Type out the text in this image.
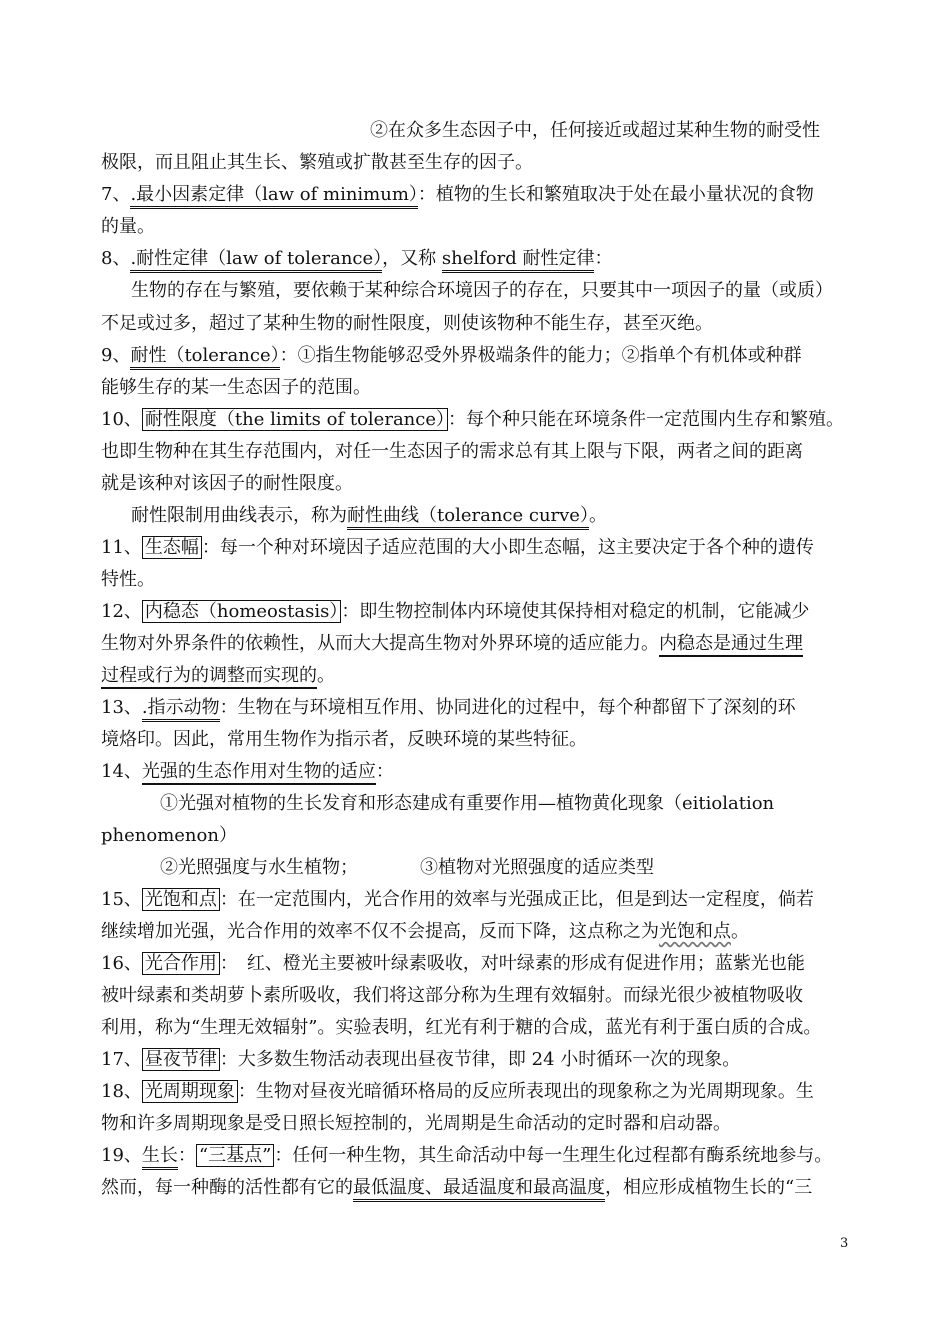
②在众多生态因子中，任何接近或超过某种生物的耐受性
极限，而且阻止其生长、繁殖或扩散甚至生存的因子。
7、.最小因素定律（law of minimum）：植物的生长和繁殖取决于处在最小量状况的食物
的量。
8、.耐性定律（law of tolerance），又称 shelford 耐性定律：
生物的存在与繁殖，要依赖于某种综合环境因子的存在，只要其中一项因子的量（或质）
不足或过多，超过了某种生物的耐性限度，则使该物种不能生存，甚至灭绝。
9、耐性（tolerance）：①指生物能够忍受外界极端条件的能力；②指单个有机体或种群
能够生存的某一生态因子的范围。
10、 耐性限度（the limits of tolerance） ：每个种只能在环境条件一定范围内生存和繁殖。
也即生物种在其生存范围内，对任一生态因子的需求总有其上限与下限，两者之间的距离
就是该种对该因子的耐性限度。
耐性限制用曲线表示，称为耐性曲线（tolerance curve）。
11、 生态幅 ：每一个种对环境因子适应范围的大小即生态幅，这主要决定于各个种的遗传
特性。
12、 内稳态（homeostasis） ：即生物控制体内环境使其保持相对稳定的机制，它能减少
生物对外界条件的依赖性，从而大大提高生物对外界环境的适应能力。内稳态是通过生理
过程或行为的调整而实现的。
13、.指示动物：生物在与环境相互作用、协同进化的过程中，每个种都留下了深刻的环
境烙印。因此，常用生物作为指示者，反映环境的某些特征。
14、光强的生态作用对生物的适应：
①光强对植物的生长发育和形态建成有重要作用—植物黄化现象（eitiolation
phenomenon）
②光照强度与水生植物；	③植物对光照强度的适应类型
15、 光饱和点 ：在一定范围内，光合作用的效率与光强成正比，但是到达一定程度，倘若
继续增加光强，光合作用的效率不仅不会提高，反而下降，这点称之为光饱和点。
16、 光合作用 ：　红、橙光主要被叶绿素吸收，对叶绿素的形成有促进作用；蓝紫光也能
被叶绿素和类胡萝卜素所吸收，我们将这部分称为生理有效辐射。而绿光很少被植物吸收
利用，称为“生理无效辐射”。实验表明，红光有利于糖的合成，蓝光有利于蛋白质的合成。
17、 昼夜节律 ：大多数生物活动表现出昼夜节律，即 24 小时循环一次的现象。
18、 光周期现象 ：生物对昼夜光暗循环格局的反应所表现出的现象称之为光周期现象。生
物和许多周期现象是受日照长短控制的，光周期是生命活动的定时器和启动器。
19、生长： “三基点” ：任何一种生物，其生命活动中每一生理生化过程都有酶系统地参与。
然而，每一种酶的活性都有它的最低温度、最适温度和最高温度，相应形成植物生长的“三
3
